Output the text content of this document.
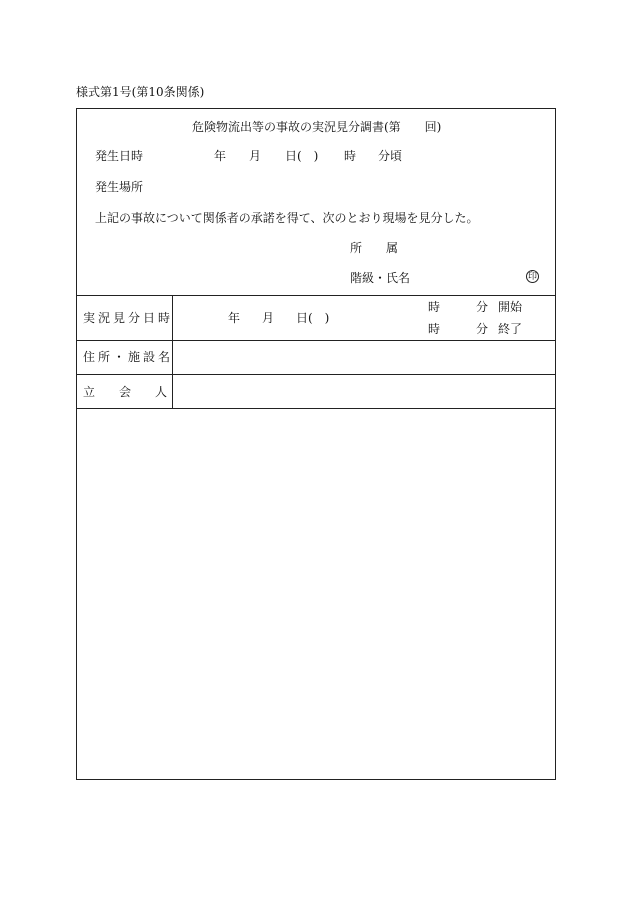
様式第1号(第10条関係)
危険物流出等の事故の実況見分調書(第　　回)
発生日時	年 月 日(　) 時 分頃
発生場所
上記の事故について関係者の承諾を得て、次のとおり現場を見分した。
所　　属
階級・氏名	印
実況見分日時	年 月 日(　)
時	分 開始
時	分 終了
住所・施設名
立　　会　　人
